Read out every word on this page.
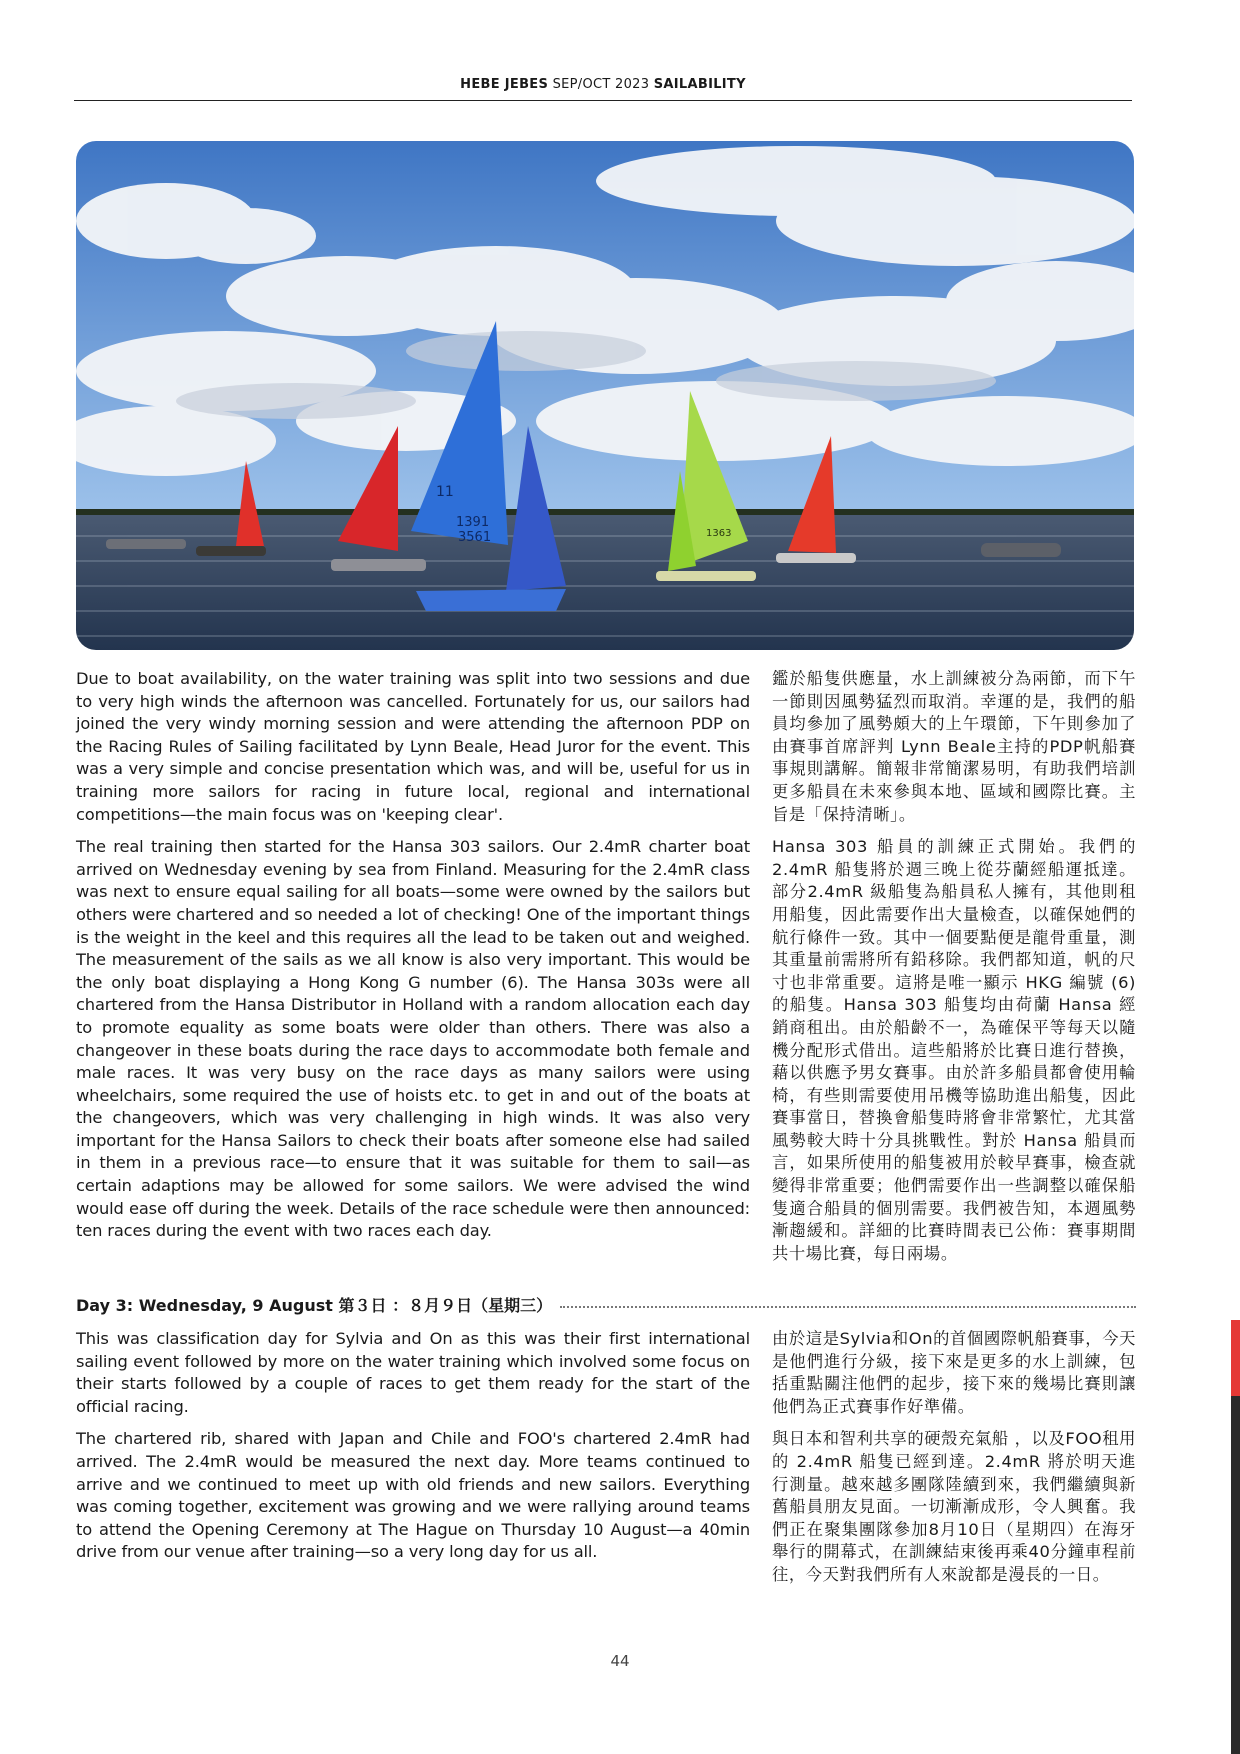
HEBE JEBES SEP/OCT 2023 SAILABILITY
11
1391
3561	1363

Due to boat availability, on the water training was split into two sessions and due to very high winds the afternoon was cancelled. Fortunately for us, our sailors had joined the very windy morning session and were attending the afternoon PDP on the Racing Rules of Sailing facilitated by Lynn Beale, Head Juror for the event. This was a very simple and concise presentation which was, and will be, useful for us in training more sailors for racing in future local, regional and international competitions—the main focus was on 'keeping clear'.

The real training then started for the Hansa 303 sailors. Our 2.4mR charter boat arrived on Wednesday evening by sea from Finland. Measuring for the 2.4mR class was next to ensure equal sailing for all boats—some were owned by the sailors but others were chartered and so needed a lot of checking! One of the important things is the weight in the keel and this requires all the lead to be taken out and weighed. The measurement of the sails as we all know is also very important. This would be the only boat displaying a Hong Kong G number (6). The Hansa 303s were all chartered from the Hansa Distributor in Holland with a random allocation each day to promote equality as some boats were older than others. There was also a changeover in these boats during the race days to accommodate both female and male races. It was very busy on the race days as many sailors were using wheelchairs, some required the use of hoists etc. to get in and out of the boats at the changeovers, which was very challenging in high winds. It was also very important for the Hansa Sailors to check their boats after someone else had sailed in them in a previous race—to ensure that it was suitable for them to sail—as certain adaptions may be allowed for some sailors. We were advised the wind would ease off during the week. Details of the race schedule were then announced: ten races during the event with two races each day.

鑑於船隻供應量，水上訓練被分為兩節，而下午一節則因風勢猛烈而取消。幸運的是，我們的船員均參加了風勢頗大的上午環節，下午則參加了由賽事首席評判 Lynn Beale主持的PDP帆船賽事規則講解。簡報非常簡潔易明，有助我們培訓更多船員在未來參與本地、區域和國際比賽。主旨是「保持清晰」。

Hansa 303 船員的訓練正式開始。我們的 2.4mR 船隻將於週三晚上從芬蘭經船運抵達。部分2.4mR 級船隻為船員私人擁有，其他則租用船隻，因此需要作出大量檢查，以確保她們的航行條件一致。其中一個要點便是龍骨重量，測其重量前需將所有鉛移除。我們都知道，帆的尺寸也非常重要。這將是唯一顯示 HKG 編號 (6) 的船隻。Hansa 303 船隻均由荷蘭 Hansa 經銷商租出。由於船齡不一，為確保平等每天以隨機分配形式借出。這些船將於比賽日進行替換，藉以供應予男女賽事。由於許多船員都會使用輪椅，有些則需要使用吊機等協助進出船隻，因此賽事當日，替換會船隻時將會非常繁忙，尤其當風勢較大時十分具挑戰性。對於 Hansa 船員而言，如果所使用的船隻被用於較早賽事，檢查就變得非常重要；他們需要作出一些調整以確保船隻適合船員的個別需要。我們被告知，本週風勢漸趨緩和。詳細的比賽時間表已公佈：賽事期間共十場比賽，每日兩場。

Day 3: Wednesday, 9 August 第３日 ：８月９日（星期三）

This was classification day for Sylvia and On as this was their first international sailing event followed by more on the water training which involved some focus on their starts followed by a couple of races to get them ready for the start of the official racing.

The chartered rib, shared with Japan and Chile and FOO's chartered 2.4mR had arrived. The 2.4mR would be measured the next day. More teams continued to arrive and we continued to meet up with old friends and new sailors. Everything was coming together, excitement was growing and we were rallying around teams to attend the Opening Ceremony at The Hague on Thursday 10 August—a 40min drive from our venue after training—so a very long day for us all.

由於這是Sylvia和On的首個國際帆船賽事，今天是他們進行分級，接下來是更多的水上訓練，包括重點關注他們的起步，接下來的幾場比賽則讓他們為正式賽事作好準備。

與日本和智利共享的硬殼充氣船 ，以及FOO租用的 2.4mR 船隻已經到達。2.4mR 將於明天進行測量。越來越多團隊陸續到來，我們繼續與新舊船員朋友見面。一切漸漸成形，令人興奮。我們正在聚集團隊參加8月10日（星期四）在海牙舉行的開幕式，在訓練結束後再乘40分鐘車程前往，今天對我們所有人來說都是漫長的一日。

44
